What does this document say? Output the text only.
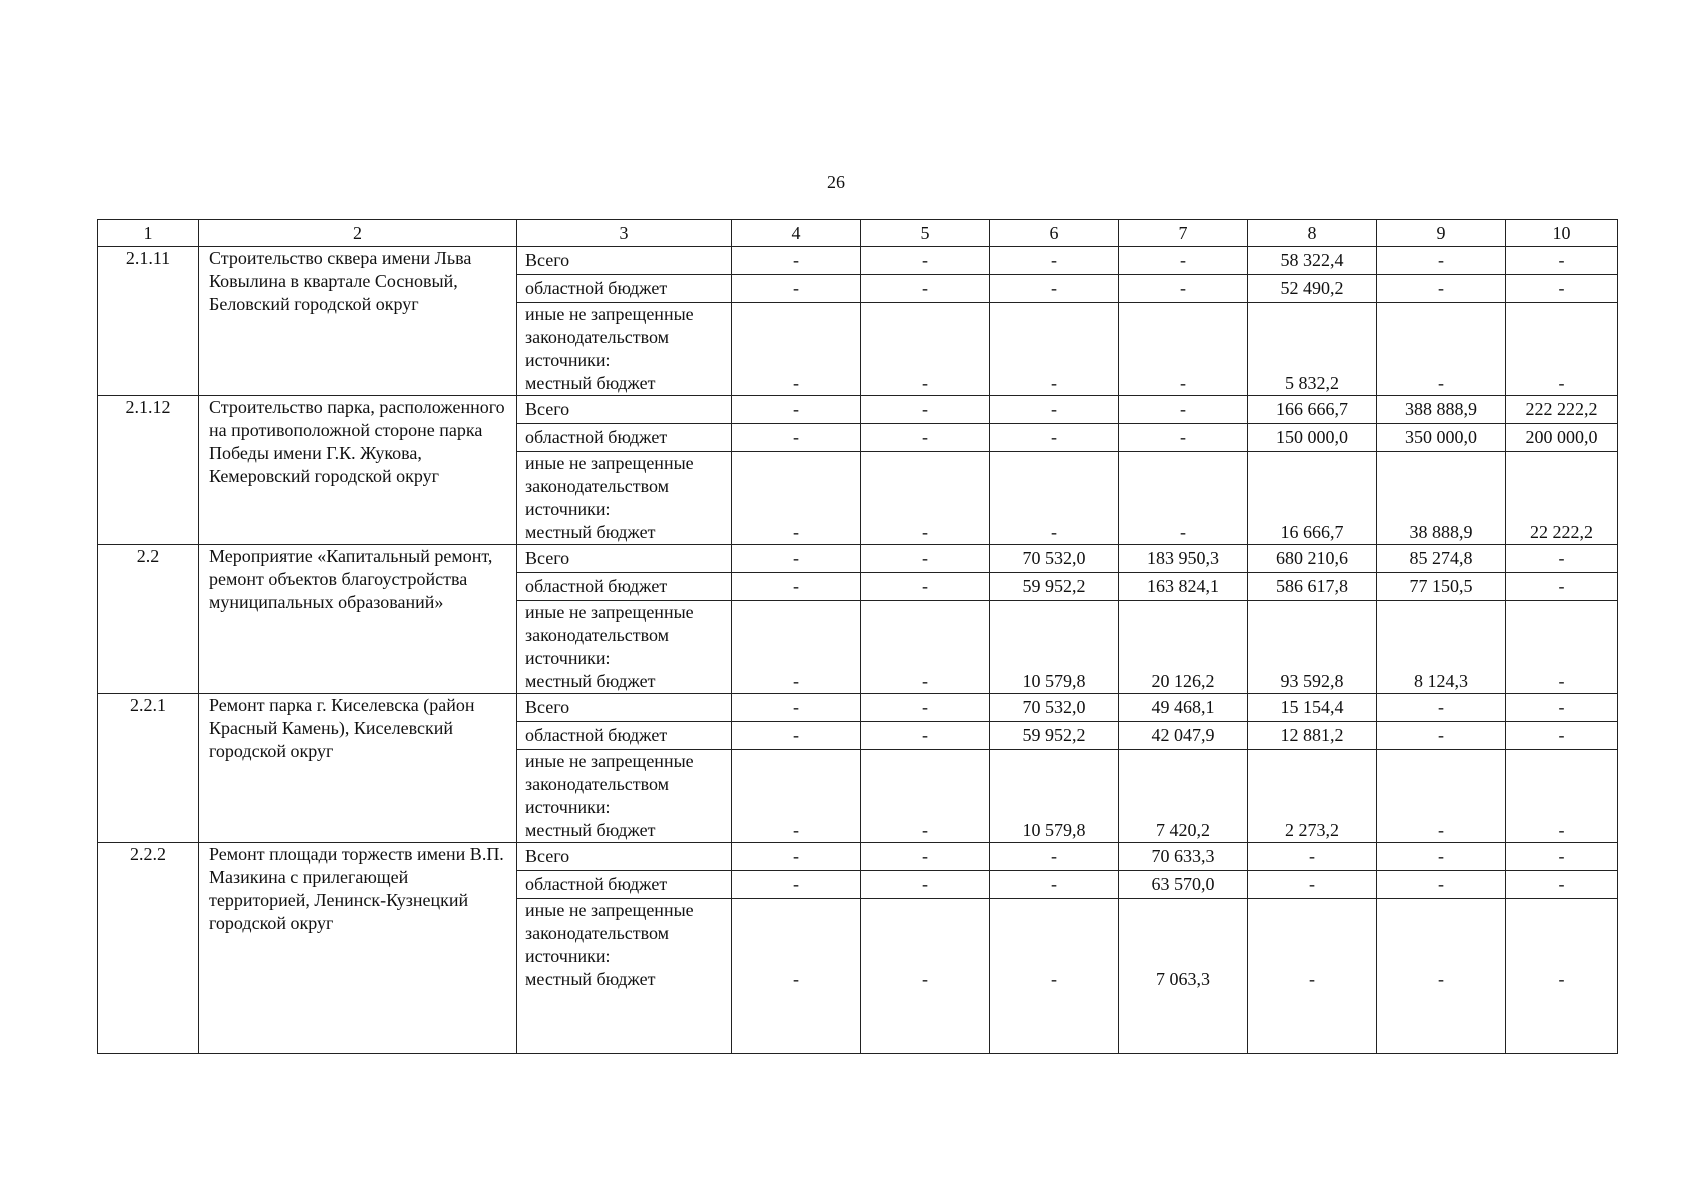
26
1	2	3	4	5	6	7	8	9	10
2.1.11	Строительство сквера имени Льва Ковылина в квартале Сосновый, Беловский городской округ	Всего	-	-	-	-	58 322,4	-	-
		областной бюджет	-	-	-	-	52 490,2	-	-

		иные не запрещенные
законодательством
источники:
местный бюджет	-	-	-	-	5 832,2	-	-
2.1.12	Строительство парка, расположенного на противоположной стороне парка Победы имени Г.К. Жукова, Кемеровский городской округ	Всего	-	-	-	-	166 666,7	388 888,9	222 222,2
		областной бюджет	-	-	-	-	150 000,0	350 000,0	200 000,0

		иные не запрещенные
законодательством
источники:
местный бюджет	-	-	-	-	16 666,7	38 888,9	22 222,2
2.2	Мероприятие «Капитальный ремонт, ремонт объектов благоустройства муниципальных образований»	Всего	-	-	70 532,0	183 950,3	680 210,6	85 274,8	-
		областной бюджет	-	-	59 952,2	163 824,1	586 617,8	77 150,5	-

		иные не запрещенные
законодательством
источники:
местный бюджет	-	-	10 579,8	20 126,2	93 592,8	8 124,3	-
2.2.1	Ремонт парка г. Киселевска (район Красный Камень), Киселевский городской округ	Всего	-	-	70 532,0	49 468,1	15 154,4	-	-
		областной бюджет	-	-	59 952,2	42 047,9	12 881,2	-	-

		иные не запрещенные
законодательством
источники:
местный бюджет	-	-	10 579,8	7 420,2	2 273,2	-	-
2.2.2	Ремонт площади торжеств имени В.П. Мазикина с прилегающей территорией, Ленинск-Кузнецкий городской округ	Всего	-	-	-	70 633,3	-	-	-
		областной бюджет	-	-	-	63 570,0	-	-	-

		иные не запрещенные
законодательством
источники:
местный бюджет	-	-	-	7 063,3	-	-	-
